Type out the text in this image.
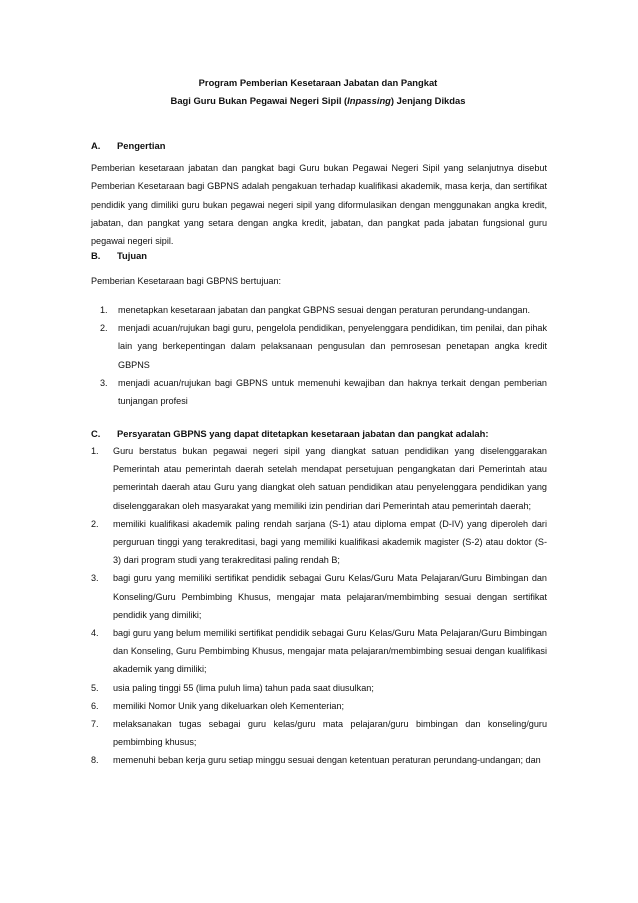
Program Pemberian Kesetaraan Jabatan dan Pangkat
Bagi Guru Bukan Pegawai Negeri Sipil (Inpassing) Jenjang Dikdas
A. Pengertian
Pemberian kesetaraan jabatan dan pangkat bagi Guru bukan Pegawai Negeri Sipil yang selanjutnya disebut Pemberian Kesetaraan bagi GBPNS adalah pengakuan terhadap kualifikasi akademik, masa kerja, dan sertifikat pendidik yang dimiliki guru bukan pegawai negeri sipil yang diformulasikan dengan menggunakan angka kredit, jabatan, dan pangkat yang setara dengan angka kredit, jabatan, dan pangkat pada jabatan fungsional guru pegawai negeri sipil.
B. Tujuan
Pemberian Kesetaraan bagi GBPNS bertujuan:
1. menetapkan kesetaraan jabatan dan pangkat GBPNS sesuai dengan peraturan perundang-undangan.
2. menjadi acuan/rujukan bagi guru, pengelola pendidikan, penyelenggara pendidikan, tim penilai, dan pihak lain yang berkepentingan dalam pelaksanaan pengusulan dan pemrosesan penetapan angka kredit GBPNS
3. menjadi acuan/rujukan bagi GBPNS untuk memenuhi kewajiban dan haknya terkait dengan pemberian tunjangan profesi
C. Persyaratan GBPNS yang dapat ditetapkan kesetaraan jabatan dan pangkat adalah:
1. Guru berstatus bukan pegawai negeri sipil yang diangkat satuan pendidikan yang diselenggarakan Pemerintah atau pemerintah daerah setelah mendapat persetujuan pengangkatan dari Pemerintah atau pemerintah daerah atau Guru yang diangkat oleh satuan pendidikan atau penyelenggara pendidikan yang diselenggarakan oleh masyarakat yang memiliki izin pendirian dari Pemerintah atau pemerintah daerah;
2. memiliki kualifikasi akademik paling rendah sarjana (S-1) atau diploma empat (D-IV) yang diperoleh dari perguruan tinggi yang terakreditasi, bagi yang memiliki kualifikasi akademik magister (S-2) atau doktor (S-3) dari program studi yang terakreditasi paling rendah B;
3. bagi guru yang memiliki sertifikat pendidik sebagai Guru Kelas/Guru Mata Pelajaran/Guru Bimbingan dan Konseling/Guru Pembimbing Khusus, mengajar mata pelajaran/membimbing sesuai dengan sertifikat pendidik yang dimiliki;
4. bagi guru yang belum memiliki sertifikat pendidik sebagai Guru Kelas/Guru Mata Pelajaran/Guru Bimbingan dan Konseling, Guru Pembimbing Khusus, mengajar mata pelajaran/membimbing sesuai dengan kualifikasi akademik yang dimiliki;
5. usia paling tinggi 55 (lima puluh lima) tahun pada saat diusulkan;
6. memiliki Nomor Unik yang dikeluarkan oleh Kementerian;
7. melaksanakan tugas sebagai guru kelas/guru mata pelajaran/guru bimbingan dan konseling/guru pembimbing khusus;
8. memenuhi beban kerja guru setiap minggu sesuai dengan ketentuan peraturan perundang-undangan; dan
